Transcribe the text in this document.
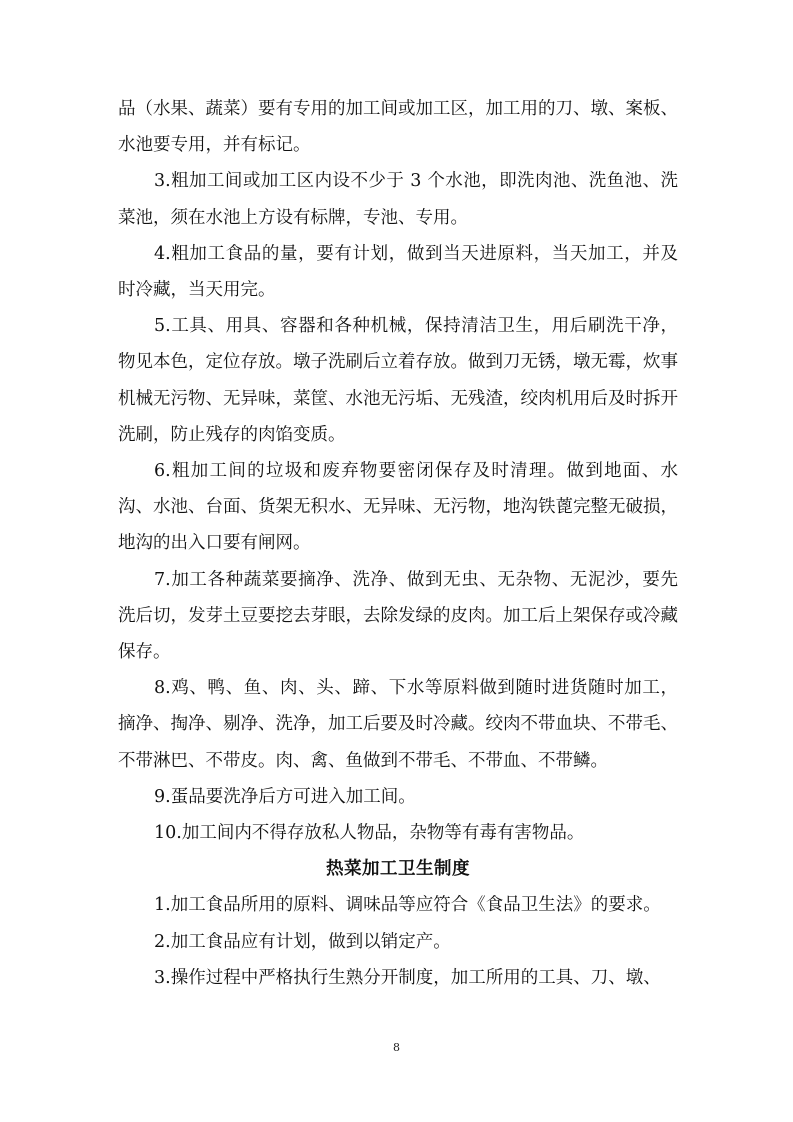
品（水果、蔬菜）要有专用的加工间或加工区，加工用的刀、墩、案板、水池要专用，并有标记。

3.粗加工间或加工区内设不少于 3 个水池，即洗肉池、洗鱼池、洗菜池，须在水池上方设有标牌，专池、专用。

4.粗加工食品的量，要有计划，做到当天进原料，当天加工，并及时冷藏，当天用完。

5.工具、用具、容器和各种机械，保持清洁卫生，用后刷洗干净，物见本色，定位存放。墩子洗刷后立着存放。做到刀无锈，墩无霉，炊事机械无污物、无异味，菜筐、水池无污垢、无残渣，绞肉机用后及时拆开洗刷，防止残存的肉馅变质。

6.粗加工间的垃圾和废弃物要密闭保存及时清理。做到地面、水沟、水池、台面、货架无积水、无异味、无污物，地沟铁蓖完整无破损，地沟的出入口要有闸网。

7.加工各种蔬菜要摘净、洗净、做到无虫、无杂物、无泥沙，要先洗后切，发芽土豆要挖去芽眼，去除发绿的皮肉。加工后上架保存或冷藏保存。

8.鸡、鸭、鱼、肉、头、蹄、下水等原料做到随时进货随时加工，摘净、掏净、剔净、洗净，加工后要及时冷藏。绞肉不带血块、不带毛、不带淋巴、不带皮。肉、禽、鱼做到不带毛、不带血、不带鳞。

9.蛋品要洗净后方可进入加工间。

10.加工间内不得存放私人物品，杂物等有毒有害物品。

热菜加工卫生制度

1.加工食品所用的原料、调味品等应符合《食品卫生法》的要求。

2.加工食品应有计划，做到以销定产。

3.操作过程中严格执行生熟分开制度，加工所用的工具、刀、墩、

8
